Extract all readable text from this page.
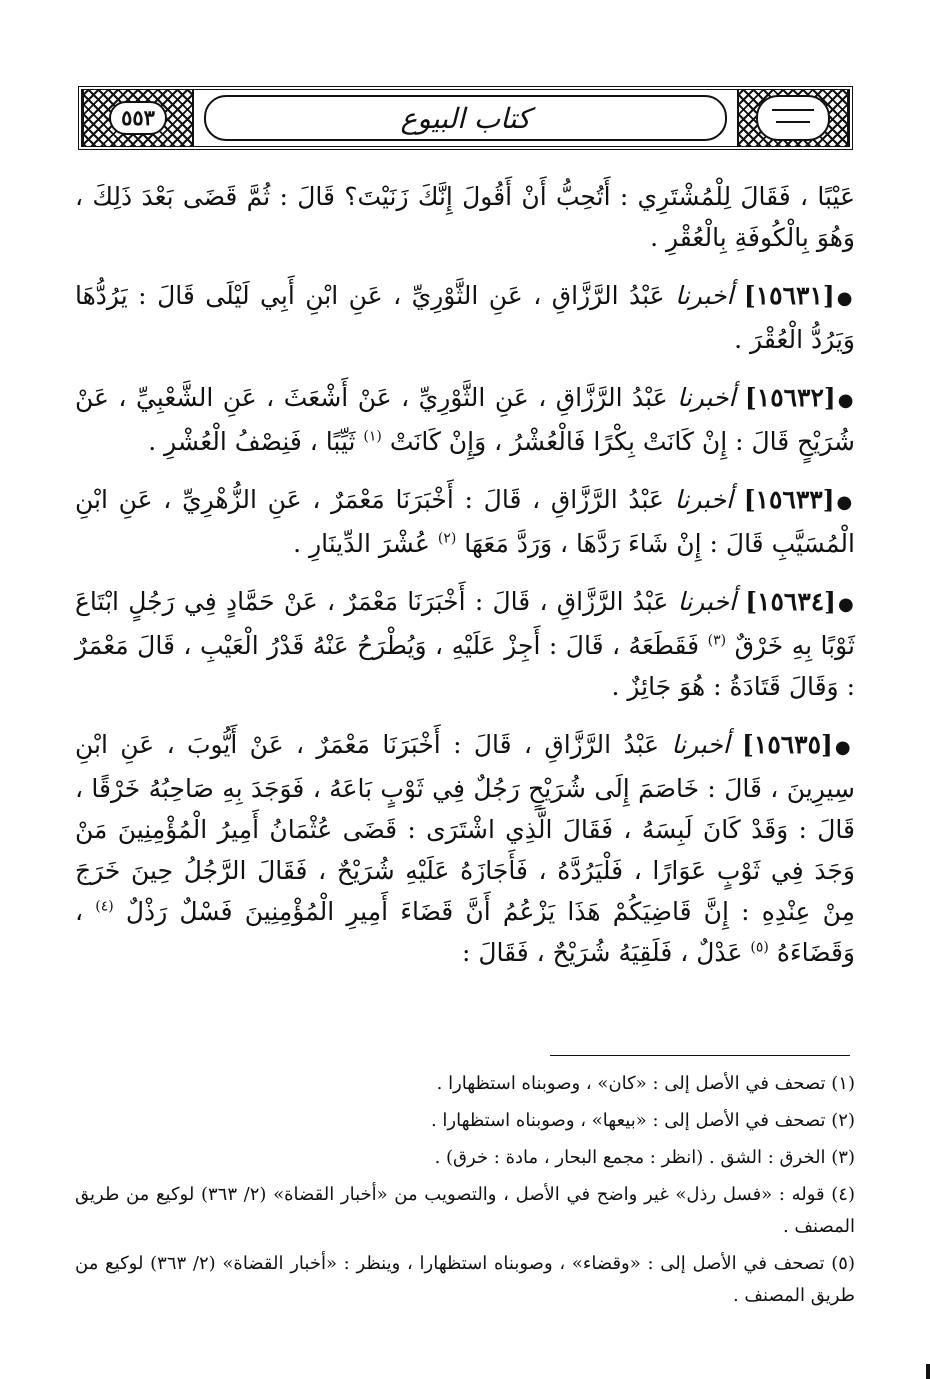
٥٥٣	كتاب البيوع

عَيْبًا ، فَقَالَ لِلْمُشْتَرِي : أَتُحِبُّ أَنْ أَقُولَ إِنَّكَ زَنَيْتَ؟ قَالَ : ثُمَّ قَضَى بَعْدَ ذَلِكَ ، وَهُوَ بِالْكُوفَةِ بِالْعُقْرِ .

●[١٥٦٣١] أخبرنا عَبْدُ الرَّزَّاقِ ، عَنِ الثَّوْرِيِّ ، عَنِ ابْنِ أَبِي لَيْلَى قَالَ : يَرُدُّهَا وَيَرُدُّ الْعُقْرَ .

●[١٥٦٣٢] أخبرنا عَبْدُ الرَّزَّاقِ ، عَنِ الثَّوْرِيِّ ، عَنْ أَشْعَثَ ، عَنِ الشَّعْبِيِّ ، عَنْ شُرَيْحٍ قَالَ : إِنْ كَانَتْ بِكْرًا فَالْعُشْرُ ، وَإِنْ كَانَتْ $^{(١)}$ ثَيِّبًا ، فَنِصْفُ الْعُشْرِ .

●[١٥٦٣٣] أخبرنا عَبْدُ الرَّزَّاقِ ، قَالَ : أَخْبَرَنَا مَعْمَرٌ ، عَنِ الزُّهْرِيِّ ، عَنِ ابْنِ الْمُسَيَّبِ قَالَ : إِنْ شَاءَ رَدَّهَا ، وَرَدَّ مَعَهَا $^{(٢)}$ عُشْرَ الدِّينَارِ .

●[١٥٦٣٤] أخبرنا عَبْدُ الرَّزَّاقِ ، قَالَ : أَخْبَرَنَا مَعْمَرٌ ، عَنْ حَمَّادٍ فِي رَجُلٍ ابْتَاعَ ثَوْبًا بِهِ خَرْقٌ $^{(٣)}$ فَقَطَعَهُ ، قَالَ : أَجِزْ عَلَيْهِ ، وَيُطْرَحُ عَنْهُ قَدْرُ الْعَيْبِ ، قَالَ مَعْمَرٌ : وَقَالَ قَتَادَةُ : هُوَ جَائِزٌ .

●[١٥٦٣٥] أخبرنا عَبْدُ الرَّزَّاقِ ، قَالَ : أَخْبَرَنَا مَعْمَرٌ ، عَنْ أَيُّوبَ ، عَنِ ابْنِ سِيرِينَ ، قَالَ : خَاصَمَ إِلَى شُرَيْحٍ رَجُلٌ فِي ثَوْبٍ بَاعَهُ ، فَوَجَدَ بِهِ صَاحِبُهُ خَرْقًا ، قَالَ : وَقَدْ كَانَ لَبِسَهُ ، فَقَالَ الَّذِي اشْتَرَى : قَضَى عُثْمَانُ أَمِيرُ الْمُؤْمِنِينَ مَنْ وَجَدَ فِي ثَوْبٍ عَوَارًا ، فَلْيَرُدَّهُ ، فَأَجَازَهُ عَلَيْهِ شُرَيْحٌ ، فَقَالَ الرَّجُلُ حِينَ خَرَجَ مِنْ عِنْدِهِ : إِنَّ قَاضِيَكُمْ هَذَا يَزْعُمُ أَنَّ قَضَاءَ أَمِيرِ الْمُؤْمِنِينَ فَسْلٌ رَذْلٌ $^{(٤)}$ ، وَقَضَاءَهُ $^{(٥)}$ عَدْلٌ ، فَلَقِيَهُ شُرَيْحٌ ، فَقَالَ :

(١) تصحف في الأصل إلى : «كان» ، وصوبناه استظهارا .

(٢) تصحف في الأصل إلى : «بيعها» ، وصوبناه استظهارا .

(٣) الخرق : الشق . (انظر : مجمع البحار ، مادة : خرق) .

(٤) قوله : «فسل رذل» غير واضح في الأصل ، والتصويب من «أخبار القضاة» (٢/ ٣٦٣) لوكيع من طريق المصنف .

(٥) تصحف في الأصل إلى : «وقضاء» ، وصوبناه استظهارا ، وينظر : «أخبار القضاة» (٢/ ٣٦٣) لوكيع من طريق المصنف .
